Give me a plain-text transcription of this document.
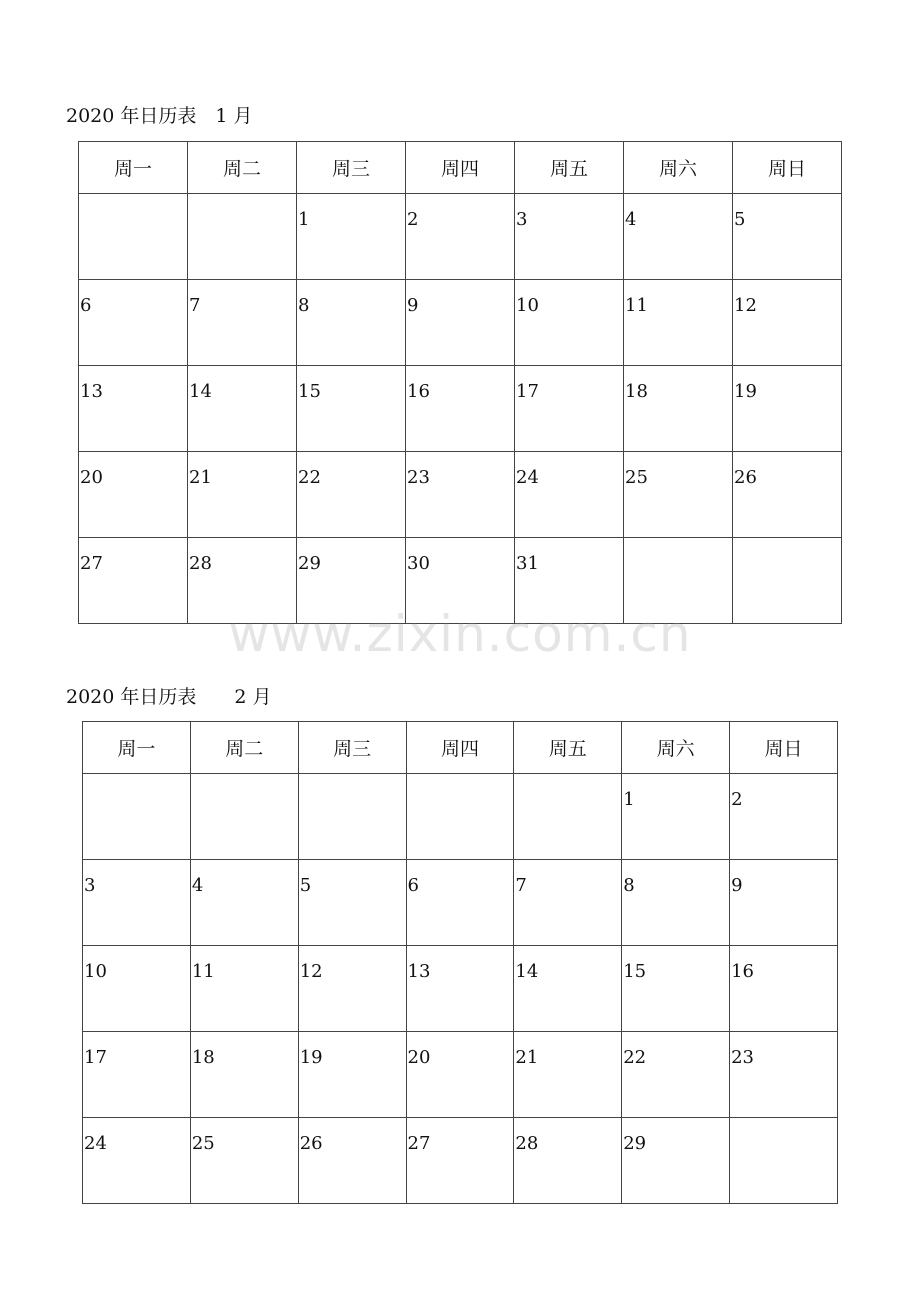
2020 年日历表　1 月
周一	周二	周三	周四	周五	周六	周日

		1	2	3	4	5

6	7	8	9	10	11	12

13	14	15	16	17	18	19

20	21	22	23	24	25	26

27	28	29	30	31		

www.zixin.com.cn
2020 年日历表　　2 月
周一	周二	周三	周四	周五	周六	周日

					1	2

3	4	5	6	7	8	9

10	11	12	13	14	15	16

17	18	19	20	21	22	23

24	25	26	27	28	29	
